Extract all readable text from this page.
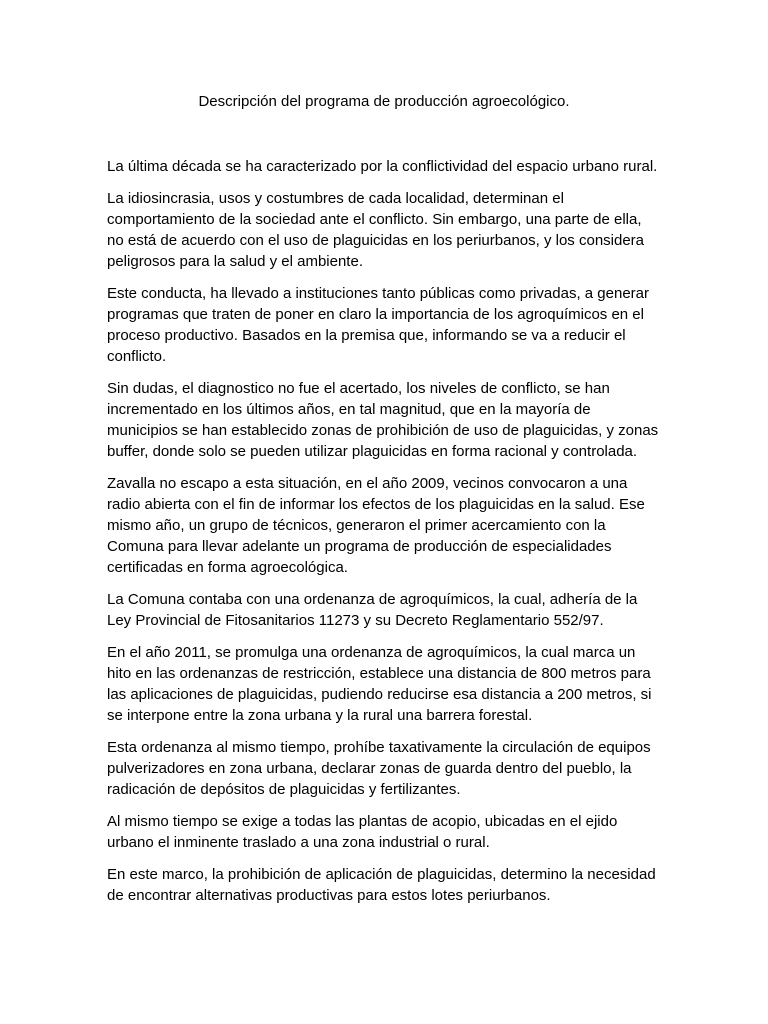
Descripción del programa de producción agroecológico.

La última década se ha caracterizado por la conflictividad del espacio urbano rural.

La idiosincrasia, usos y costumbres de cada localidad, determinan el
comportamiento de la sociedad ante el conflicto. Sin embargo, una parte de ella,
no está de acuerdo con el uso de plaguicidas en los periurbanos, y los considera
peligrosos para la salud y el ambiente.

Este conducta, ha llevado a instituciones tanto públicas como privadas, a generar
programas que traten de poner en claro la importancia de los agroquímicos en el
proceso productivo. Basados en la premisa que, informando se va a reducir el
conflicto.

Sin dudas, el diagnostico no fue el acertado, los niveles de conflicto, se han
incrementado en los últimos años, en tal magnitud, que en la mayoría de
municipios se han establecido zonas de prohibición de uso de plaguicidas, y zonas
buffer, donde solo se pueden utilizar plaguicidas en forma racional y controlada.

Zavalla no escapo a esta situación, en el año 2009, vecinos convocaron a una
radio abierta con el fin de informar los efectos de los plaguicidas en la salud. Ese
mismo año, un grupo de técnicos, generaron el primer acercamiento con la
Comuna para llevar adelante un programa de producción de especialidades
certificadas en forma agroecológica.

La Comuna contaba con una ordenanza de agroquímicos, la cual, adhería de la
Ley Provincial de Fitosanitarios 11273 y su Decreto Reglamentario 552/97.

En el año 2011, se promulga una ordenanza de agroquímicos, la cual marca un
hito en las ordenanzas de restricción, establece una distancia de 800 metros para
las aplicaciones de plaguicidas, pudiendo reducirse esa distancia a 200 metros, si
se interpone entre la zona urbana y la rural una barrera forestal.

Esta ordenanza al mismo tiempo, prohíbe taxativamente la circulación de equipos
pulverizadores en zona urbana, declarar zonas de guarda dentro del pueblo, la
radicación de depósitos de plaguicidas y fertilizantes.

Al mismo tiempo se exige a todas las plantas de acopio, ubicadas en el ejido
urbano el inminente traslado a una zona industrial o rural.

En este marco, la prohibición de aplicación de plaguicidas, determino la necesidad
de encontrar alternativas productivas para estos lotes periurbanos.
